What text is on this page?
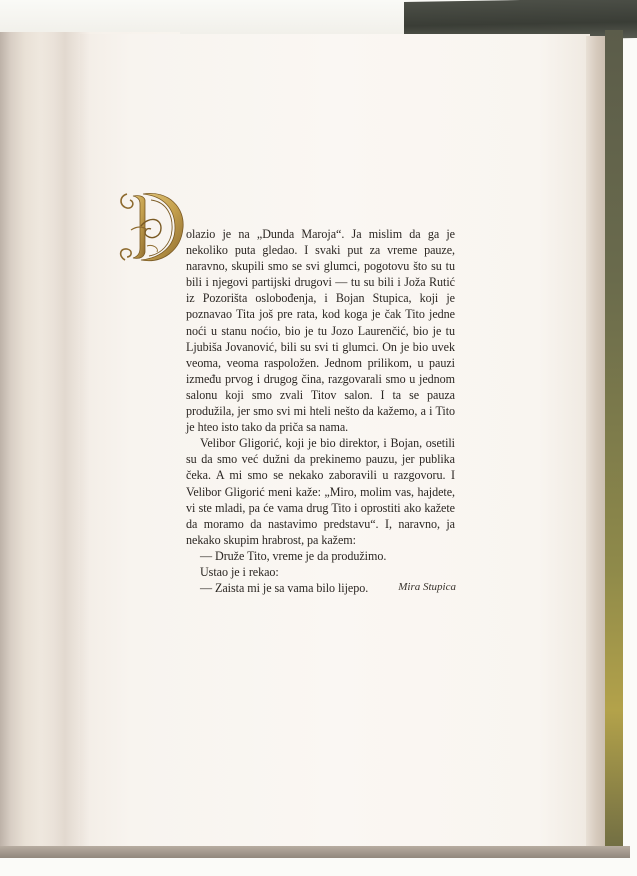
olazio je na „Dunda Maroja“. Ja mislim da ga je nekoliko puta gledao. I svaki put za vreme pauze, naravno, skupili smo se svi glumci, pogotovu što su tu bili i njegovi partijski drugovi — tu su bili i Joža Rutić iz Pozorišta oslobođenja, i Bojan Stupica, koji je poznavao Tita još pre rata, kod koga je čak Tito jedne noći u stanu noćio, bio je tu Jozo Laurenčić, bio je tu Ljubiša Jovanović, bili su svi ti glumci. On je bio uvek veoma, veoma raspoložen. Jednom prilikom, u pauzi između prvog i drugog čina, razgovarali smo u jednom salonu koji smo zvali Titov salon. I ta se pauza produžila, jer smo svi mi hteli nešto da kažemo, a i Tito je hteo isto tako da priča sa nama.

Velibor Gligorić, koji je bio direktor, i Bojan, osetili su da smo već dužni da prekinemo pauzu, jer publika čeka. A mi smo se nekako zaboravili u razgovoru. I Velibor Gligorić meni kaže: „Miro, molim vas, hajdete, vi ste mladi, pa će vama drug Tito i oprostiti ako kažete da moramo da nastavimo predstavu“. I, naravno, ja nekako skupim hrabrost, pa kažem:

— Druže Tito, vreme je da produžimo.

Ustao je i rekao:

— Zaista mi je sa vama bilo lijepo.	Mira Stupica
